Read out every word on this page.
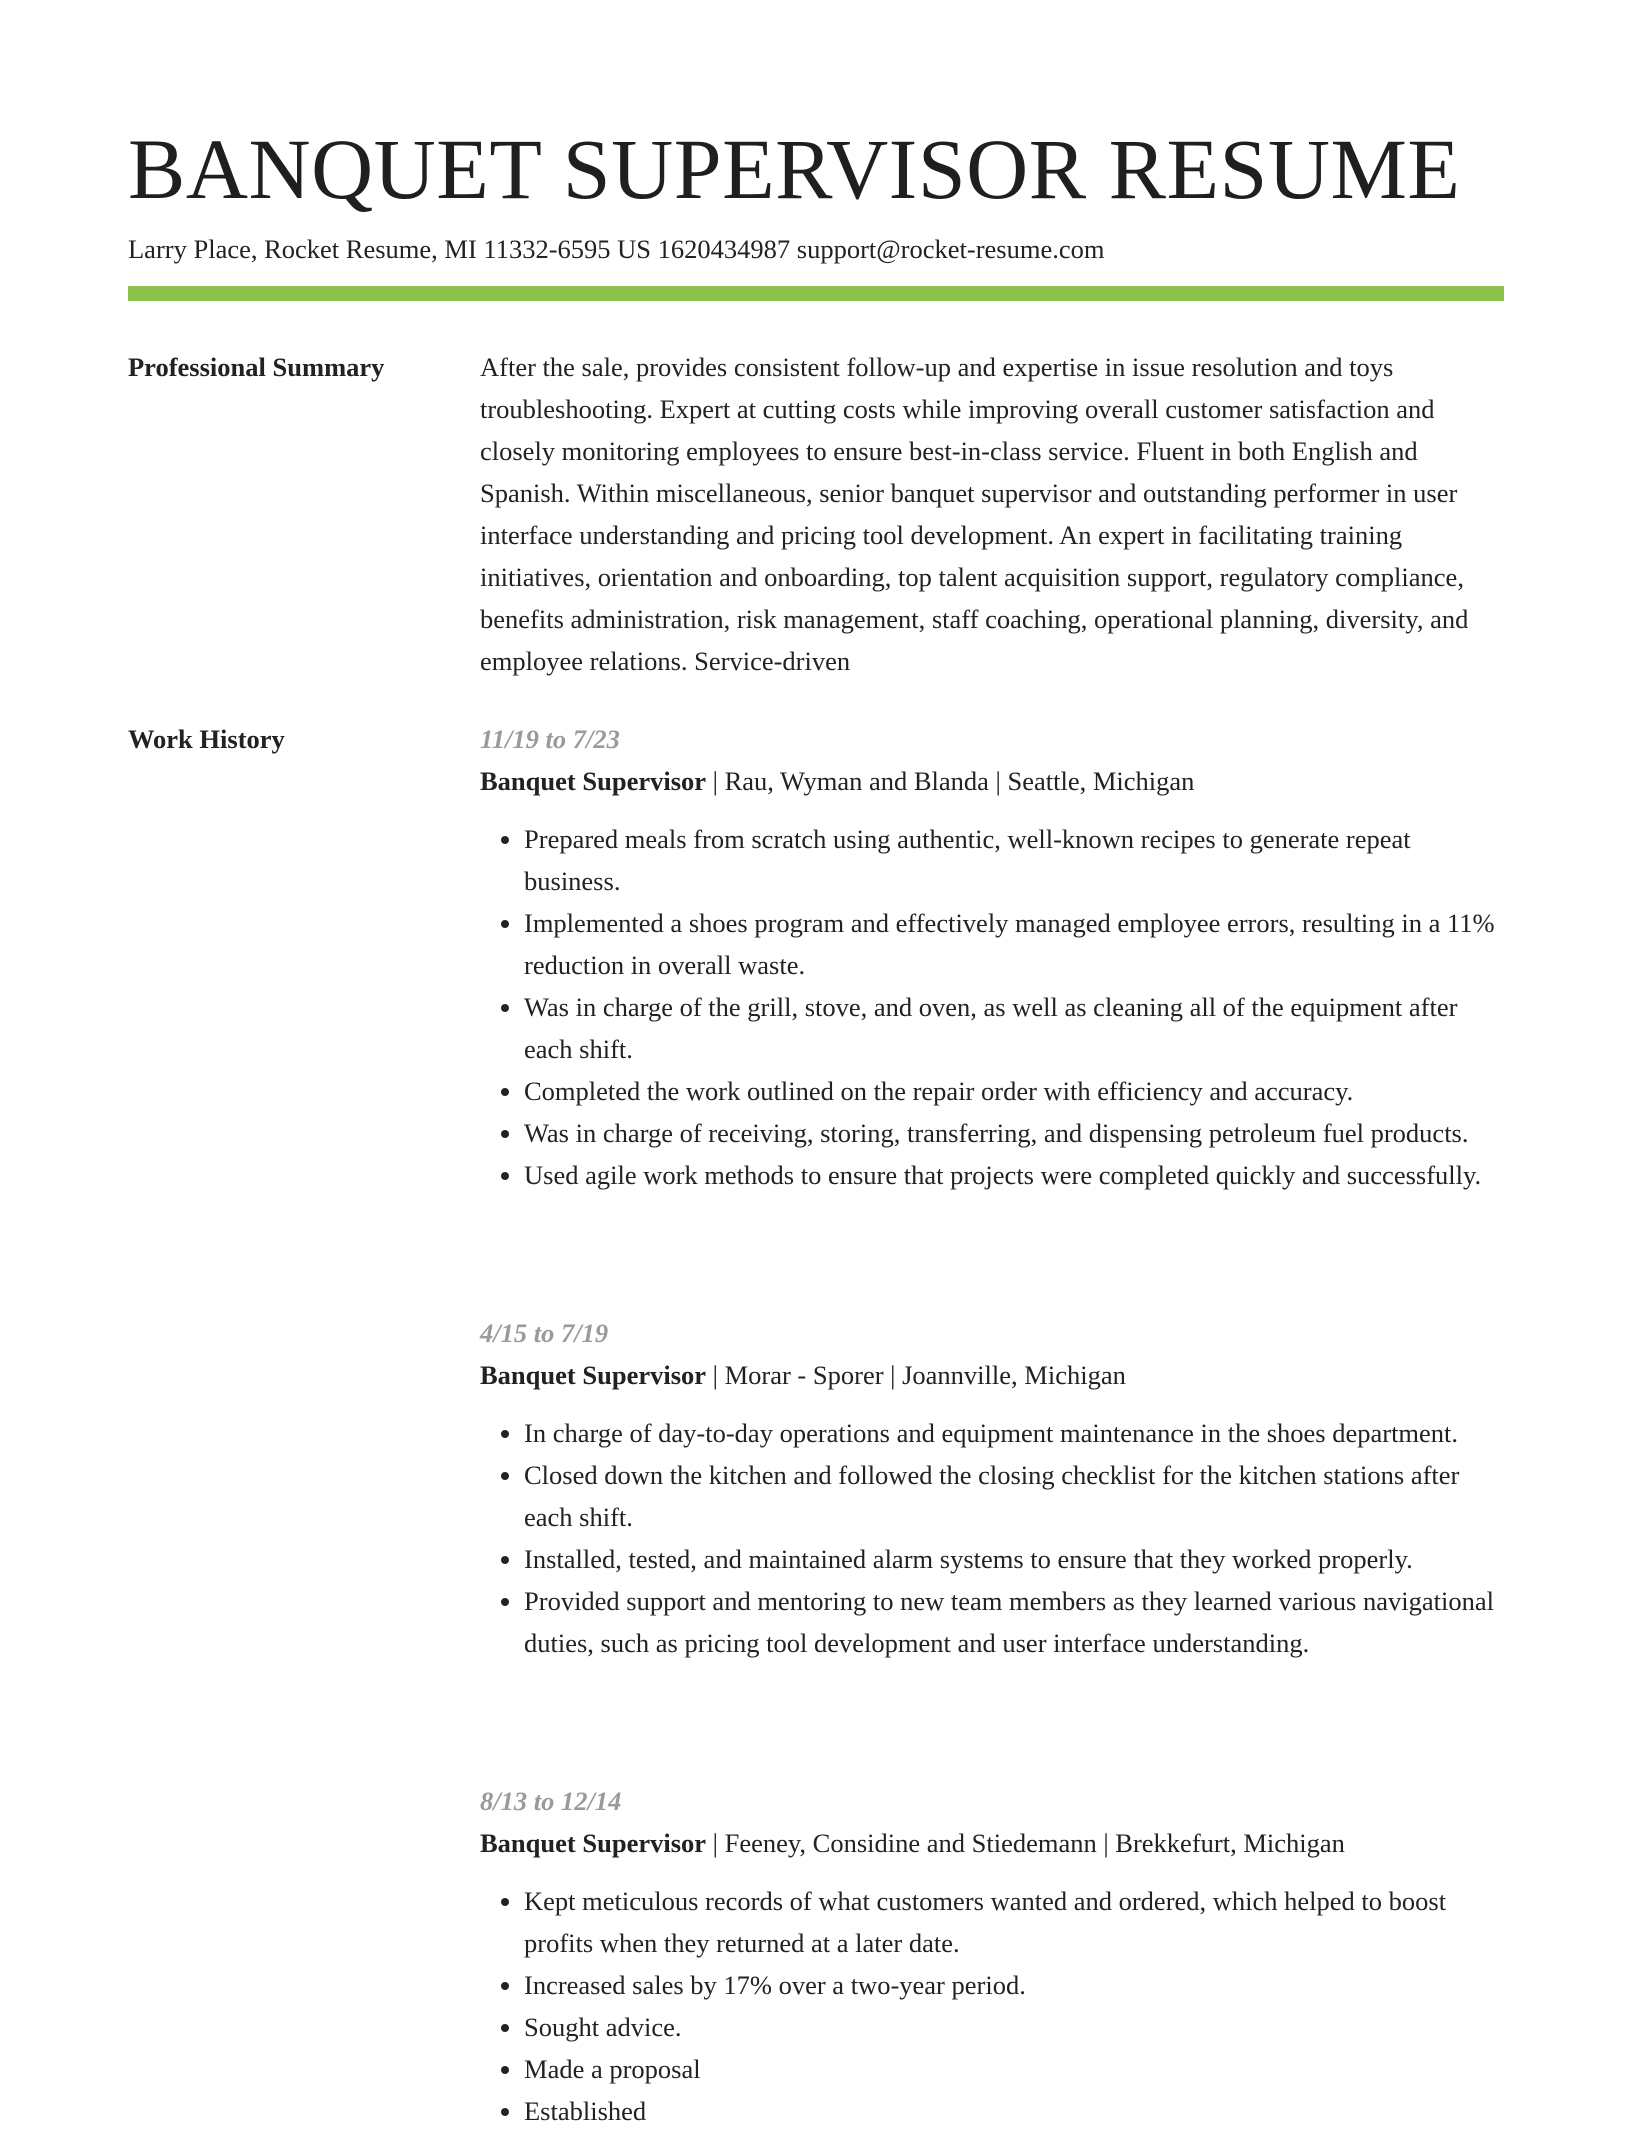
BANQUET SUPERVISOR RESUME
Larry Place, Rocket Resume, MI 11332-6595 US 1620434987 support@rocket-resume.com
Professional Summary	After the sale, provides consistent follow-up and expertise in issue resolution and toys troubleshooting. Expert at cutting costs while improving overall customer satisfaction and closely monitoring employees to ensure best-in-class service. Fluent in both English and Spanish. Within miscellaneous, senior banquet supervisor and outstanding performer in user interface understanding and pricing tool development. An expert in facilitating training initiatives, orientation and onboarding, top talent acquisition support, regulatory compliance, benefits administration, risk management, staff coaching, operational planning, diversity, and employee relations. Service-driven

Work History	11/19 to 7/23
Banquet Supervisor | Rau, Wyman and Blanda | Seattle, Michigan
• Prepared meals from scratch using authentic, well-known recipes to generate repeat business.
• Implemented a shoes program and effectively managed employee errors, resulting in a 11% reduction in overall waste.
• Was in charge of the grill, stove, and oven, as well as cleaning all of the equipment after each shift.
• Completed the work outlined on the repair order with efficiency and accuracy.
• Was in charge of receiving, storing, transferring, and dispensing petroleum fuel products.
• Used agile work methods to ensure that projects were completed quickly and successfully.
4/15 to 7/19
Banquet Supervisor | Morar - Sporer | Joannville, Michigan
• In charge of day-to-day operations and equipment maintenance in the shoes department.
• Closed down the kitchen and followed the closing checklist for the kitchen stations after each shift.
• Installed, tested, and maintained alarm systems to ensure that they worked properly.
• Provided support and mentoring to new team members as they learned various navigational duties, such as pricing tool development and user interface understanding.
8/13 to 12/14
Banquet Supervisor | Feeney, Considine and Stiedemann | Brekkefurt, Michigan
• Kept meticulous records of what customers wanted and ordered, which helped to boost profits when they returned at a later date.
• Increased sales by 17% over a two-year period.
• Sought advice.
• Made a proposal
• Established
